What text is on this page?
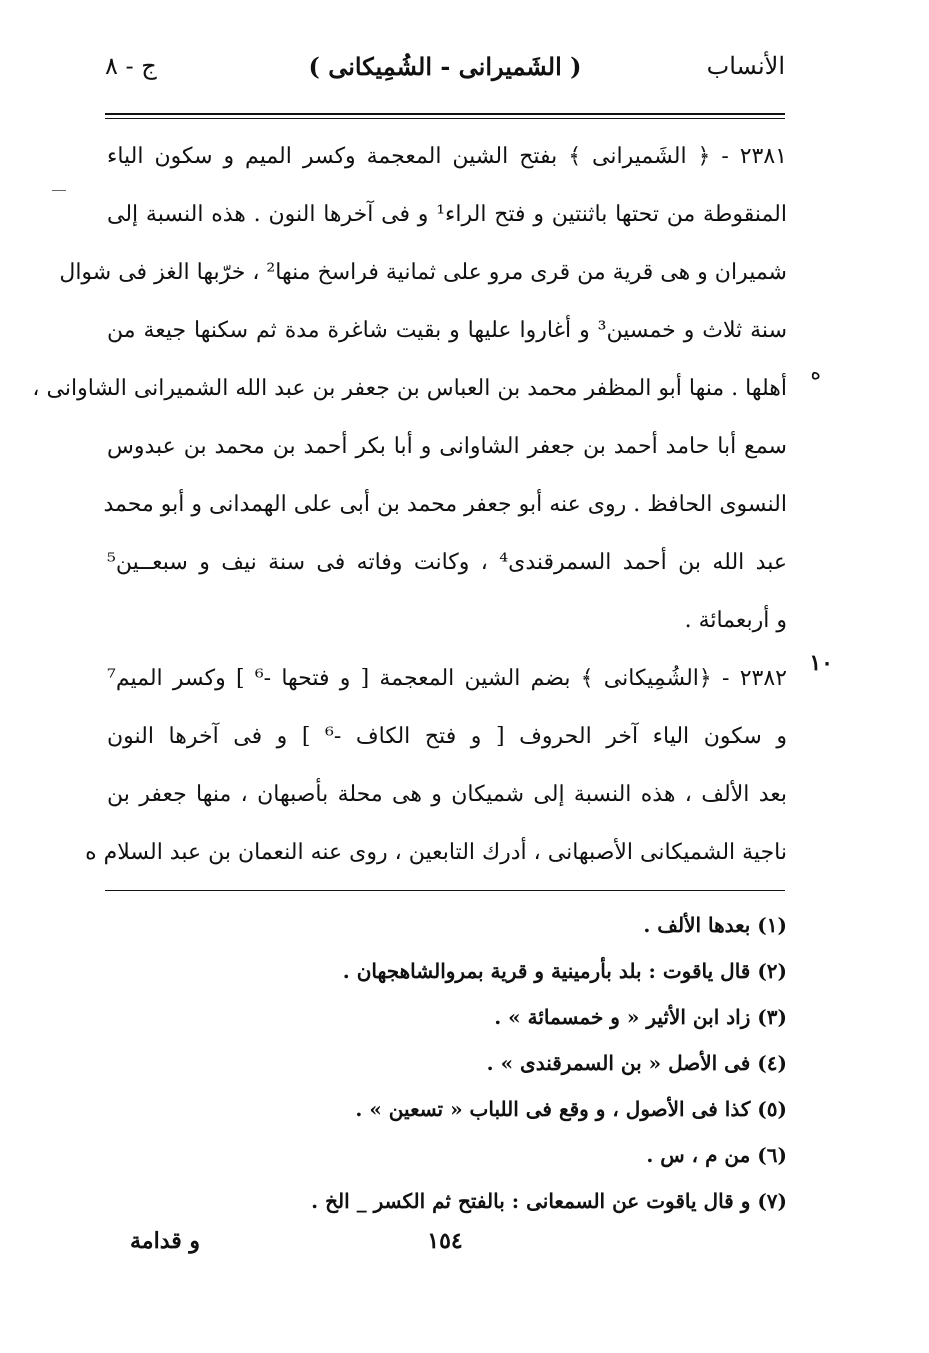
الأنساب
( الشَميرانى - الشُمِيكانى )
ج - ٨
٢٣٨١ - ﴿ الشَميرانى ﴾ بفتح الشين المعجمة وكسر الميم و سكون الياء
المنقوطة من تحتها باثنتين و فتح الراء¹ و فى آخرها النون . هذه النسبة إلى
شميران و هى قرية من قرى مرو على ثمانية فراسخ منها² ، خرّبها الغز فى شوال
سنة ثلاث و خمسين³ و أغاروا عليها و بقيت شاغرة مدة ثم سكنها جيعة من
أهلها . منها أبو المظفر محمد بن العباس بن جعفر بن عبد الله الشميرانى الشاوانى ،
سمع أبا حامد أحمد بن جعفر الشاوانى و أبا بكر أحمد بن محمد بن عبدوس
النسوى الحافظ . روى عنه أبو جعفر محمد بن أبى على الهمدانى و أبو محمد
عبد الله بن أحمد السمرقندى⁴ ، وكانت وفاته فى سنة نيف و سبعــين⁵
و أربعمائة .
٢٣٨٢ - ﴿الشُمِيكانى ﴾ بضم الشين المعجمة [ و فتحها -⁶ ] وكسر الميم⁷
و سكون الياء آخر الحروف [ و فتح الكاف -⁶ ] و فى آخرها النون
بعد الألف ، هذه النسبة إلى شميكان و هى محلة بأصبهان ، منها جعفر بن
ناجية الشميكانى الأصبهانى ، أدرك التابعين ، روى عنه النعمان بن عبد السلام ه
ه
١٠
(١) بعدها الألف .
(٢) قال ياقوت : بلد بأرمينية و قرية بمروالشاهجهان .
(٣) زاد ابن الأثير « و خمسمائة » .
(٤) فى الأصل « بن السمرقندى » .
(٥) كذا فى الأصول ، و وقع فى اللباب « تسعين » .
(٦) من م ، س .
(٧) و قال ياقوت عن السمعانى : بالفتح ثم الكسر _ الخ .
١٥٤
و قدامة
